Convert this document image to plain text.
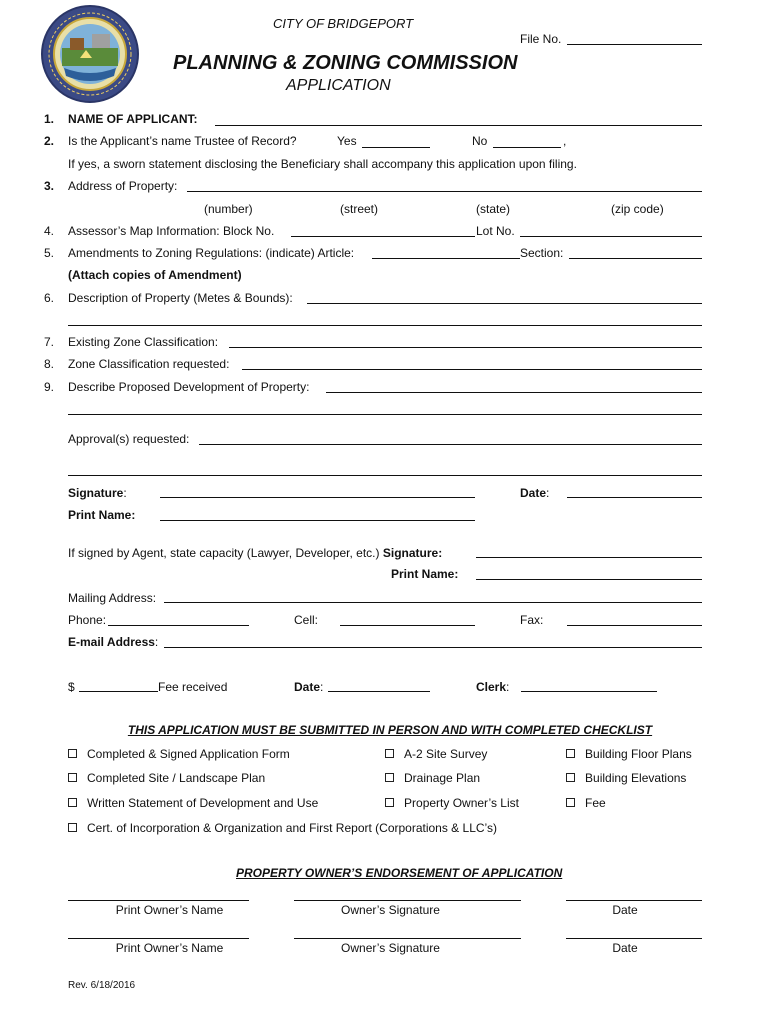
CITY OF BRIDGEPORT
File No.
PLANNING & ZONING COMMISSION
APPLICATION
1. NAME OF APPLICANT:
2. Is the Applicant’s name Trustee of Record?	Yes	No	,
If yes, a sworn statement disclosing the Beneficiary shall accompany this application upon filing.
3. Address of Property:
(number)	(street)	(state)	(zip code)
4. Assessor’s Map Information: Block No.	Lot No.
5. Amendments to Zoning Regulations: (indicate) Article:	Section:
(Attach copies of Amendment)
6. Description of Property (Metes & Bounds):
7. Existing Zone Classification:
8. Zone Classification requested:
9. Describe Proposed Development of Property:
Approval(s) requested:
Signature:	Date:
Print Name:
If signed by Agent, state capacity (Lawyer, Developer, etc.) Signature:
Print Name:
Mailing Address:
Phone:	Cell:	Fax:
E-mail Address:
$	Fee received	Date:	Clerk:
THIS APPLICATION MUST BE SUBMITTED IN PERSON AND WITH COMPLETED CHECKLIST
Completed & Signed Application Form	A-2 Site Survey	Building Floor Plans
Completed Site / Landscape Plan	Drainage Plan	Building Elevations
Written Statement of Development and Use	Property Owner’s List	Fee
Cert. of Incorporation & Organization and First Report (Corporations & LLC’s)
PROPERTY OWNER’S ENDORSEMENT OF APPLICATION
Print Owner’s Name	Owner’s Signature	Date
Print Owner’s Name	Owner’s Signature	Date
Rev. 6/18/2016
